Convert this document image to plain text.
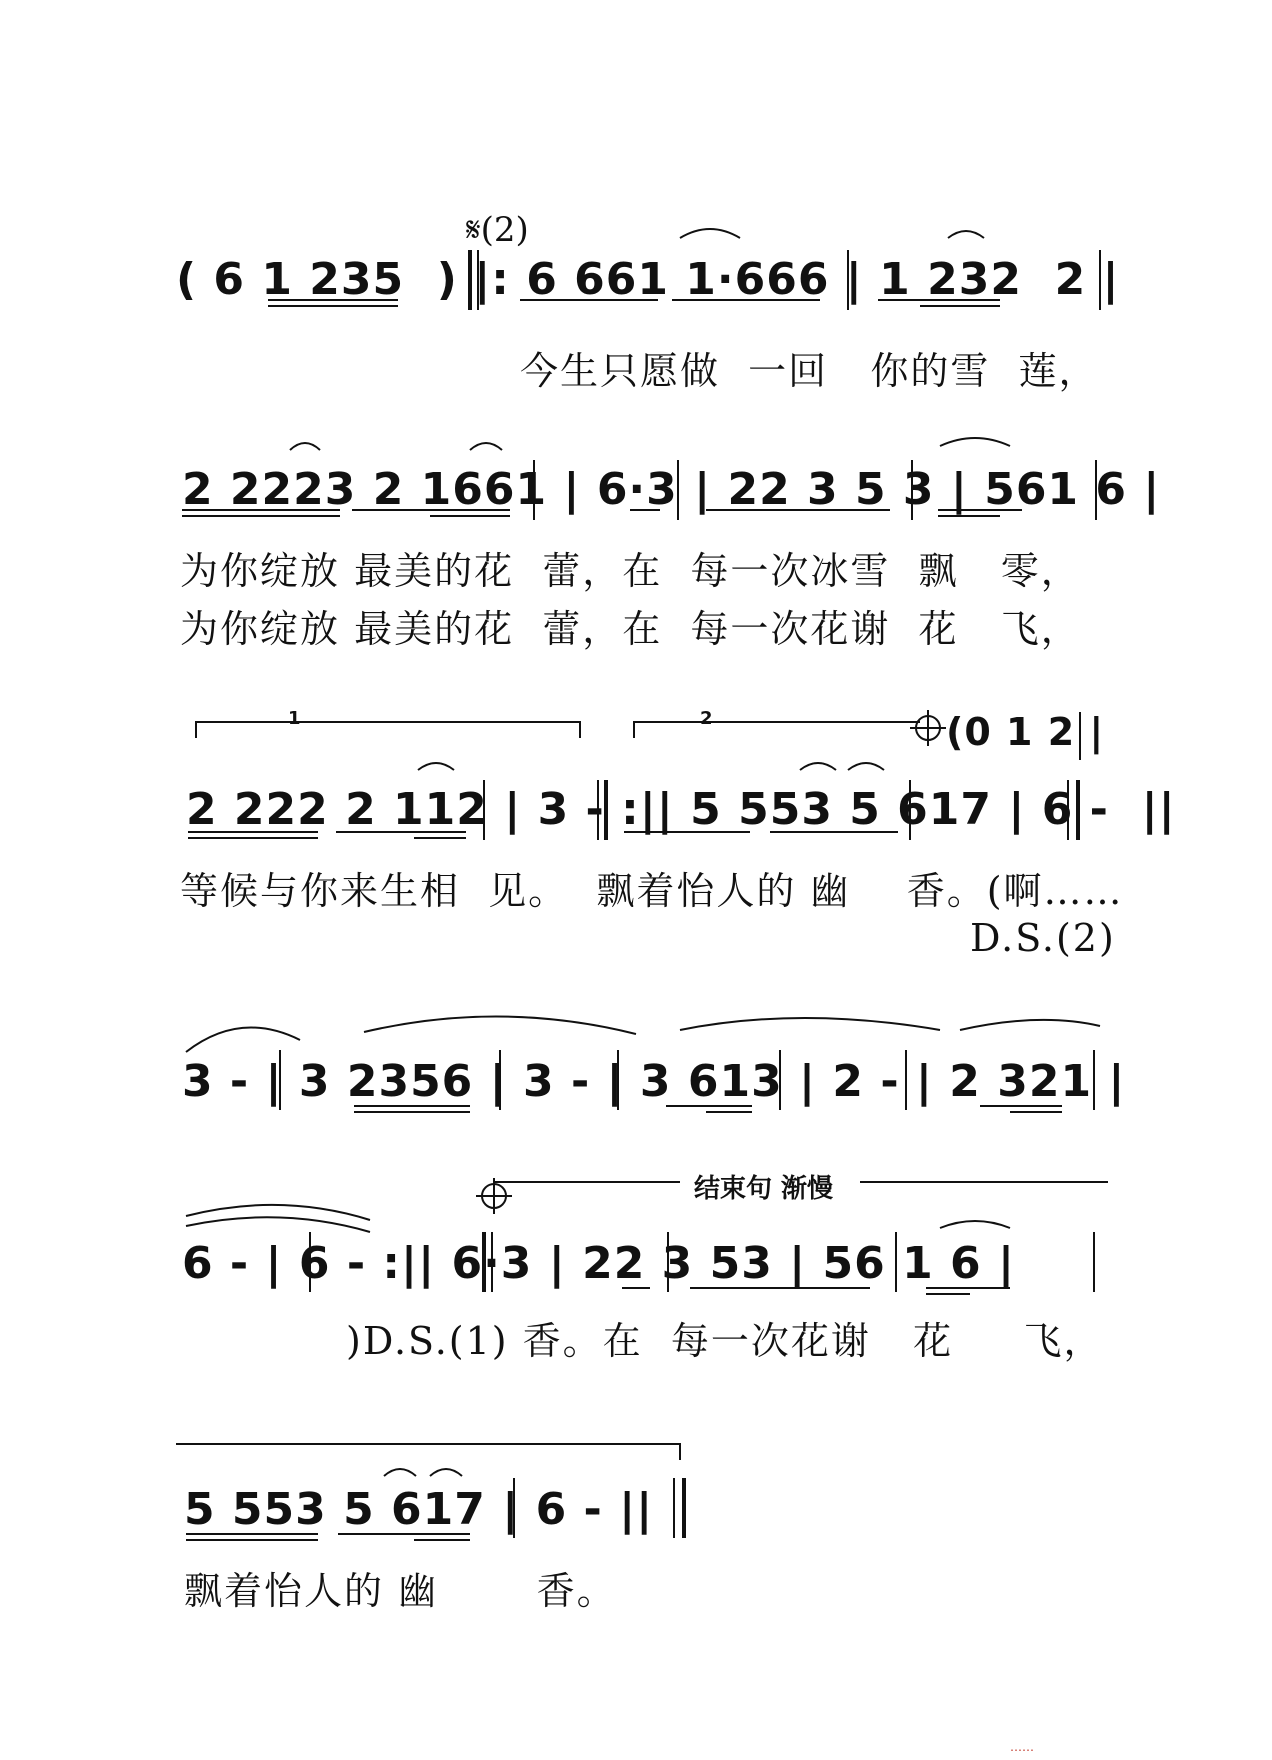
𝄋(2)
( 6 1 235  ) |: 6 661 1·666 | 1 232  2 |
今生只愿做  一回   你的雪  莲，
2 2223 2 1661 | 6·3 | 22 3 5 3 | 561 6 |
为你绽放 最美的花  蕾，在  每一次冰雪  飘   零，
为你绽放 最美的花  蕾，在  每一次花谢  花   飞，
1	2	(0 1 2 |
2 222 2 112 | 3 - :|| 5 553 5 617 | 6 -  ||
等候与你来生相  见。  飘着怡人的 幽    香。(啊……
D.S.(2)
3 - | 3 2356 | 3 - | 3 613 | 2 - | 2 321 |
结束句 渐慢
6 - | 6 - :|| 6·3 | 22 3 53 | 56 1 6 |
)D.S.(1) 香。在  每一次花谢   花     飞，
5 553 5 617 | 6 - ||
飘着怡人的 幽       香。
……
